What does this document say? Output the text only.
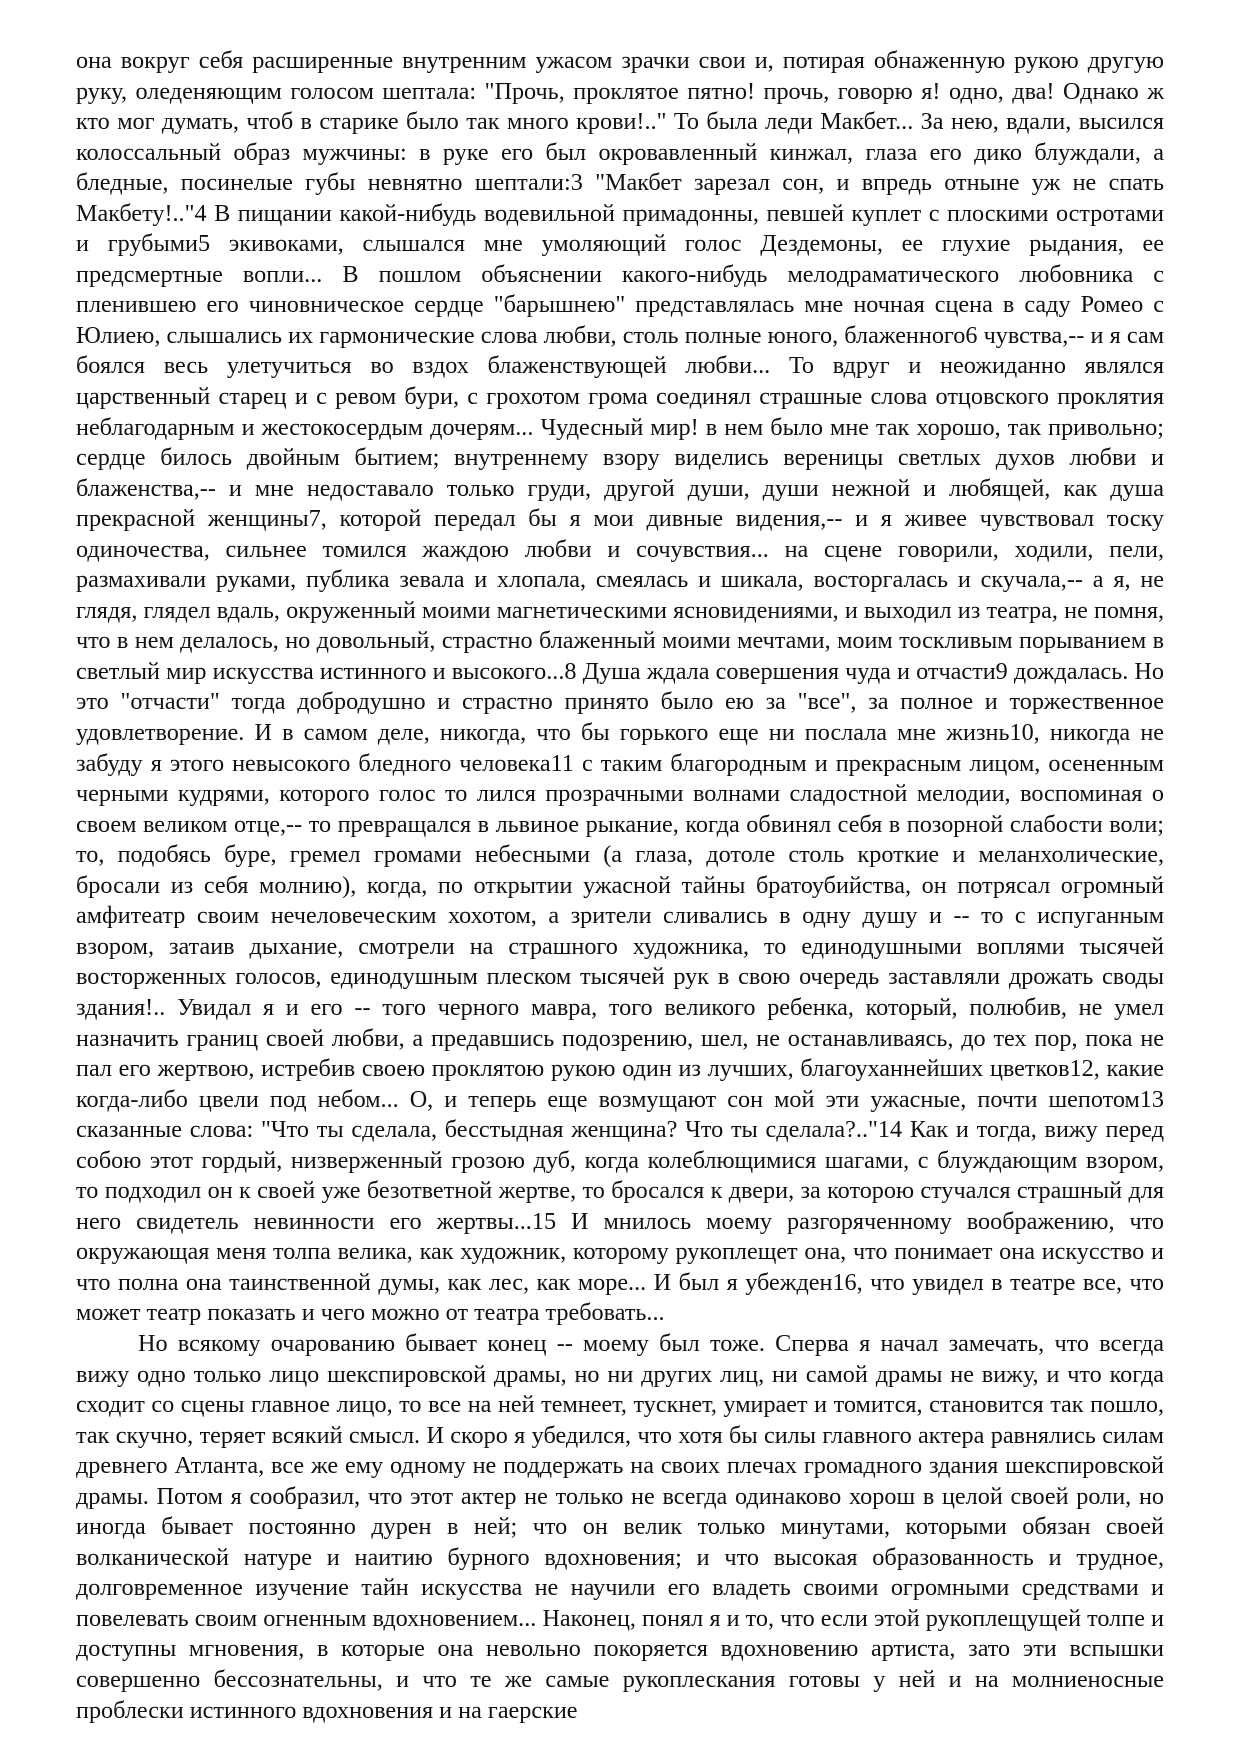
она вокруг себя расширенные внутренним ужасом зрачки свои и, потирая обнаженную рукою другую руку, оледеняющим голосом шептала: "Прочь, проклятое пятно! прочь, говорю я! одно, два! Однако ж кто мог думать, чтоб в старике было так много крови!.." То была леди Макбет... За нею, вдали, высился колоссальный образ мужчины: в руке его был окровавленный кинжал, глаза его дико блуждали, а бледные, посинелые губы невнятно шептали:3 "Макбет зарезал сон, и впредь отныне уж не спать Макбету!.."4 В пищании какой-нибудь водевильной примадонны, певшей куплет с плоскими остротами и грубыми5 экивоками, слышался мне умоляющий голос Дездемоны, ее глухие рыдания, ее предсмертные вопли... В пошлом объяснении какого-нибудь мелодраматического любовника с пленившею его чиновническое сердце "барышнею" представлялась мне ночная сцена в саду Ромео с Юлиею, слышались их гармонические слова любви, столь полные юного, блаженного6 чувства,-- и я сам боялся весь улетучиться во вздох блаженствующей любви... То вдруг и неожиданно являлся царственный старец и с ревом бури, с грохотом грома соединял страшные слова отцовского проклятия неблагодарным и жестокосердым дочерям... Чудесный мир! в нем было мне так хорошо, так привольно; сердце билось двойным бытием; внутреннему взору виделись вереницы светлых духов любви и блаженства,-- и мне недоставало только груди, другой души, души нежной и любящей, как душа прекрасной женщины7, которой передал бы я мои дивные видения,-- и я живее чувствовал тоску одиночества, сильнее томился жаждою любви и сочувствия... на сцене говорили, ходили, пели, размахивали руками, публика зевала и хлопала, смеялась и шикала, восторгалась и скучала,-- а я, не глядя, глядел вдаль, окруженный моими магнетическими ясновидениями, и выходил из театра, не помня, что в нем делалось, но довольный, страстно блаженный моими мечтами, моим тоскливым порыванием в светлый мир искусства истинного и высокого...8 Душа ждала совершения чуда и отчасти9 дождалась. Но это "отчасти" тогда добродушно и страстно принято было ею за "все", за полное и торжественное удовлетворение. И в самом деле, никогда, что бы горького еще ни послала мне жизнь10, никогда не забуду я этого невысокого бледного человека11 с таким благородным и прекрасным лицом, осененным черными кудрями, которого голос то лился прозрачными волнами сладостной мелодии, воспоминая о своем великом отце,-- то превращался в львиное рыкание, когда обвинял себя в позорной слабости воли; то, подобясь буре, гремел громами небесными (а глаза, дотоле столь кроткие и меланхолические, бросали из себя молнию), когда, по открытии ужасной тайны братоубийства, он потрясал огромный амфитеатр своим нечеловеческим хохотом, а зрители сливались в одну душу и -- то с испуганным взором, затаив дыхание, смотрели на страшного художника, то единодушными воплями тысячей восторженных голосов, единодушным плеском тысячей рук в свою очередь заставляли дрожать своды здания!.. Увидал я и его -- того черного мавра, того великого ребенка, который, полюбив, не умел назначить границ своей любви, а предавшись подозрению, шел, не останавливаясь, до тех пор, пока не пал его жертвою, истребив своею проклятою рукою один из лучших, благоуханнейших цветков12, какие когда-либо цвели под небом... О, и теперь еще возмущают сон мой эти ужасные, почти шепотом13 сказанные слова: "Что ты сделала, бесстыдная женщина? Что ты сделала?.."14 Как и тогда, вижу перед собою этот гордый, низверженный грозою дуб, когда колеблющимися шагами, с блуждающим взором, то подходил он к своей уже безответной жертве, то бросался к двери, за которою стучался страшный для него свидетель невинности его жертвы...15 И мнилось моему разгоряченному воображению, что окружающая меня толпа велика, как художник, которому рукоплещет она, что понимает она искусство и что полна она таинственной думы, как лес, как море... И был я убежден16, что увидел в театре все, что может театр показать и чего можно от театра требовать...

Но всякому очарованию бывает конец -- моему был тоже. Сперва я начал замечать, что всегда вижу одно только лицо шекспировской драмы, но ни других лиц, ни самой драмы не вижу, и что когда сходит со сцены главное лицо, то все на ней темнеет, тускнет, умирает и томится, становится так пошло, так скучно, теряет всякий смысл. И скоро я убедился, что хотя бы силы главного актера равнялись силам древнего Атланта, все же ему одному не поддержать на своих плечах громадного здания шекспировской драмы. Потом я сообразил, что этот актер не только не всегда одинаково хорош в целой своей роли, но иногда бывает постоянно дурен в ней; что он велик только минутами, которыми обязан своей волканической натуре и наитию бурного вдохновения; и что высокая образованность и трудное, долговременное изучение тайн искусства не научили его владеть своими огромными средствами и повелевать своим огненным вдохновением... Наконец, понял я и то, что если этой рукоплещущей толпе и доступны мгновения, в которые она невольно покоряется вдохновению артиста, зато эти вспышки совершенно бессознательны, и что те же самые рукоплескания готовы у ней и на молниеносные проблески истинного вдохновения и на гаерские
